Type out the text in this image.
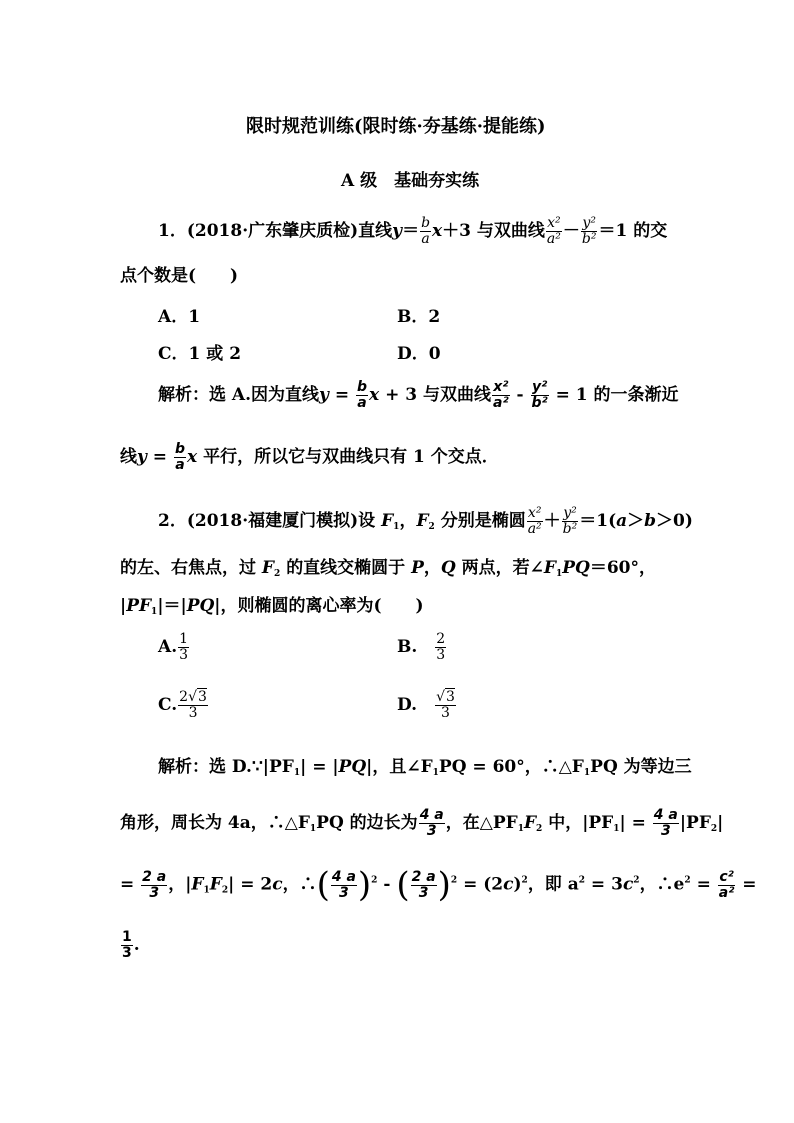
限时规范训练(限时练·夯基练·提能练)
A 级　基础夯实练
1．(2018·广东肇庆质检)直线$y= \frac{b}{a} x+3$ 与双曲线 $\frac{\text{x²}}{\text{a²}} - \frac{\text{y²}}{\text{b²}} =1$ 的交
点个数是(　　)
A．1	B．2
C．1 或 2	D．0
解析：选 A.因为直线$y = \frac{b}{a}$ x + 3 与双曲线 $\frac{\text{x²}}{\text{a²}} - \frac{\text{y²}}{\text{b²}} = 1$ 的一条渐近
线$y = \frac{b}{a}$ x 平行，所以它与双曲线只有 1 个交点．
2．(2018·福建厦门模拟)设 $F_1$，$F_2$ 分别是椭圆 $\frac{\text{x²}}{\text{a²}} + \frac{\text{y²}}{\text{b²}} =1(a>b>0)$
的左、右焦点，过 $F_2$ 的直线交椭圆于 P，Q 两点，若$\angle F_1PQ=60^\circ$，
$|PF_1|=|PQ|$，则椭圆的离心率为(　　)
A. $\frac{1}{3}$	B.　 $\frac{2}{3}$
C. $\frac{2√3}{3}$	D.　 $\frac{√3}{3}$
解析：选 $D.\because|PF_1| = |PQ|$，且$\angle F_1PQ = 60^\circ$，$\therefore\triangle F_1PQ$ 为等边三
角形，周长为 4a，$\therefore\triangle F_1PQ$ 的边长为 $\frac{4 a}{3}$ ，在$\triangle PF_1F_2$ 中，$|PF_1| = \frac{4 a}{3} |PF_2|$
= $\frac{2 a}{3}$ ，$|F_1F_2| = 2c$，∴( $\frac{4 a}{3} )^2$ - ( $\frac{2 a}{3} )^2 = (2c)^2$，即 $a^2 = 3c^2$，$\therefore e^2 = \frac{\text{c²}}{\text{a²}}$ =
$\frac{1}{3}$ .
